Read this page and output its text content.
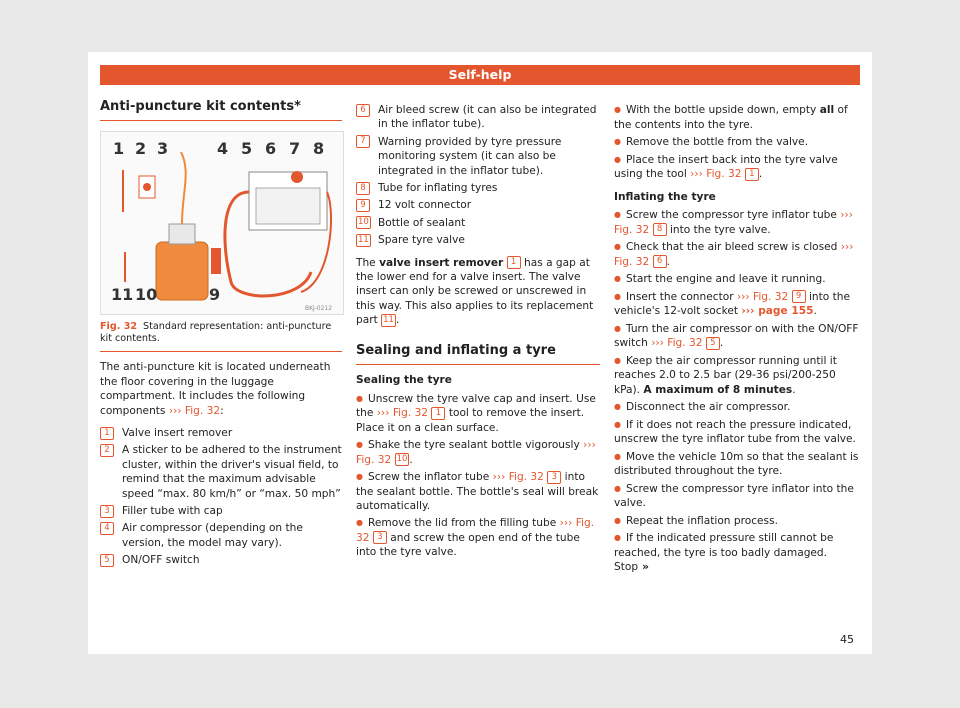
Self-help
Anti-puncture kit contents*
1 2 3	4 5 6 7 8
11 10	9
BKJ-0212
Fig. 32 Standard representation: anti-puncture kit contents.

The anti-puncture kit is located underneath the floor covering in the luggage compartment. It includes the following components ››› Fig. 32:

1	Valve insert remover
2	A sticker to be adhered to the instrument cluster, within the driver's visual field, to remind that the maximum advisable speed “max. 80 km/h” or “max. 50 mph”
3	Filler tube with cap
4	Air compressor (depending on the version, the model may vary).
5	ON/OFF switch
6	Air bleed screw (it can also be integrated in the inflator tube).
7	Warning provided by tyre pressure monitoring system (it can also be integrated in the inflator tube).
8	Tube for inflating tyres
9	12 volt connector
10 Bottle of sealant
11 Spare tyre valve

The valve insert remover 1 has a gap at the lower end for a valve insert. The valve insert can only be screwed or unscrewed in this way. This also applies to its replacement part 11 .

Sealing and inflating a tyre
Sealing the tyre
● Unscrew the tyre valve cap and insert. Use the ››› Fig. 32 1 tool to remove the insert. Place it on a clean surface.
● Shake the tyre sealant bottle vigorously ››› Fig. 32 10 .
● Screw the inflator tube ››› Fig. 32 3 into the sealant bottle. The bottle's seal will break automatically.
● Remove the lid from the filling tube ››› Fig. 32 3 and screw the open end of the tube into the tyre valve.
● With the bottle upside down, empty all of the contents into the tyre.
● Remove the bottle from the valve.
● Place the insert back into the tyre valve using the tool ››› Fig. 32 1 .
Inflating the tyre
● Screw the compressor tyre inflator tube ››› Fig. 32 8 into the tyre valve.
● Check that the air bleed screw is closed ››› Fig. 32 6 .
● Start the engine and leave it running.
● Insert the connector ››› Fig. 32 9 into the vehicle's 12-volt socket ››› page 155.
● Turn the air compressor on with the ON/OFF switch ››› Fig. 32 5 .
● Keep the air compressor running until it reaches 2.0 to 2.5 bar (29-36 psi/200-250 kPa). A maximum of 8 minutes.
● Disconnect the air compressor.
● If it does not reach the pressure indicated, unscrew the tyre inflator tube from the valve.
● Move the vehicle 10m so that the sealant is distributed throughout the tyre.
● Screw the compressor tyre inflator into the valve.
● Repeat the inflation process.
● If the indicated pressure still cannot be reached, the tyre is too badly damaged. Stop »
45
